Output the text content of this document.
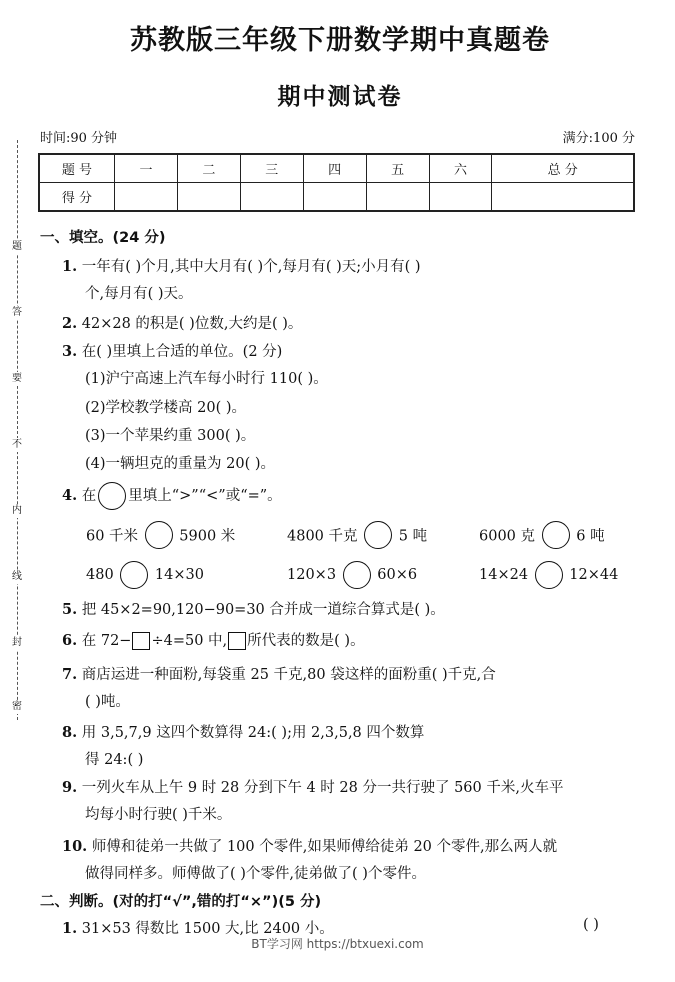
苏教版三年级下册数学期中真题卷
期中测试卷
时间:90 分钟	满分:100 分
题 号	一	二	三	四	五	六	总 分
得 分							
题
答
要
不
内
线
封
密
一、填空。(24 分)
1. 一年有( )个月,其中大月有( )个,每月有( )天;小月有( )
个,每月有( )天。
2. 42×28 的积是( )位数,大约是( )。
3. 在( )里填上合适的单位。(2 分)
(1)沪宁高速上汽车每小时行 110( )。
(2)学校教学楼高 20( )。
(3)一个苹果约重 300( )。
(4)一辆坦克的重量为 20( )。
4. 在 里填上“>”“<”或“=”。
60 千米	5900 米	4800 千克	5 吨	6000 克	6 吨
480	14×30	120×3	60×6	14×24	12×44
5. 把 45×2=90,120−90=30 合并成一道综合算式是( )。
6. 在 72− ÷4=50 中, 所代表的数是( )。
7. 商店运进一种面粉,每袋重 25 千克,80 袋这样的面粉重( )千克,合
( )吨。
8. 用 3,5,7,9 这四个数算得 24:( );用 2,3,5,8 四个数算
得 24:( )
9. 一列火车从上午 9 时 28 分到下午 4 时 28 分一共行驶了 560 千米,火车平
均每小时行驶( )千米。
10. 师傅和徒弟一共做了 100 个零件,如果师傅给徒弟 20 个零件,那么两人就
做得同样多。师傅做了( )个零件,徒弟做了( )个零件。
二、判断。(对的打“√”,错的打“×”)(5 分)
1. 31×53 得数比 1500 大,比 2400 小。	( )
BT学习网 https://btxuexi.com
